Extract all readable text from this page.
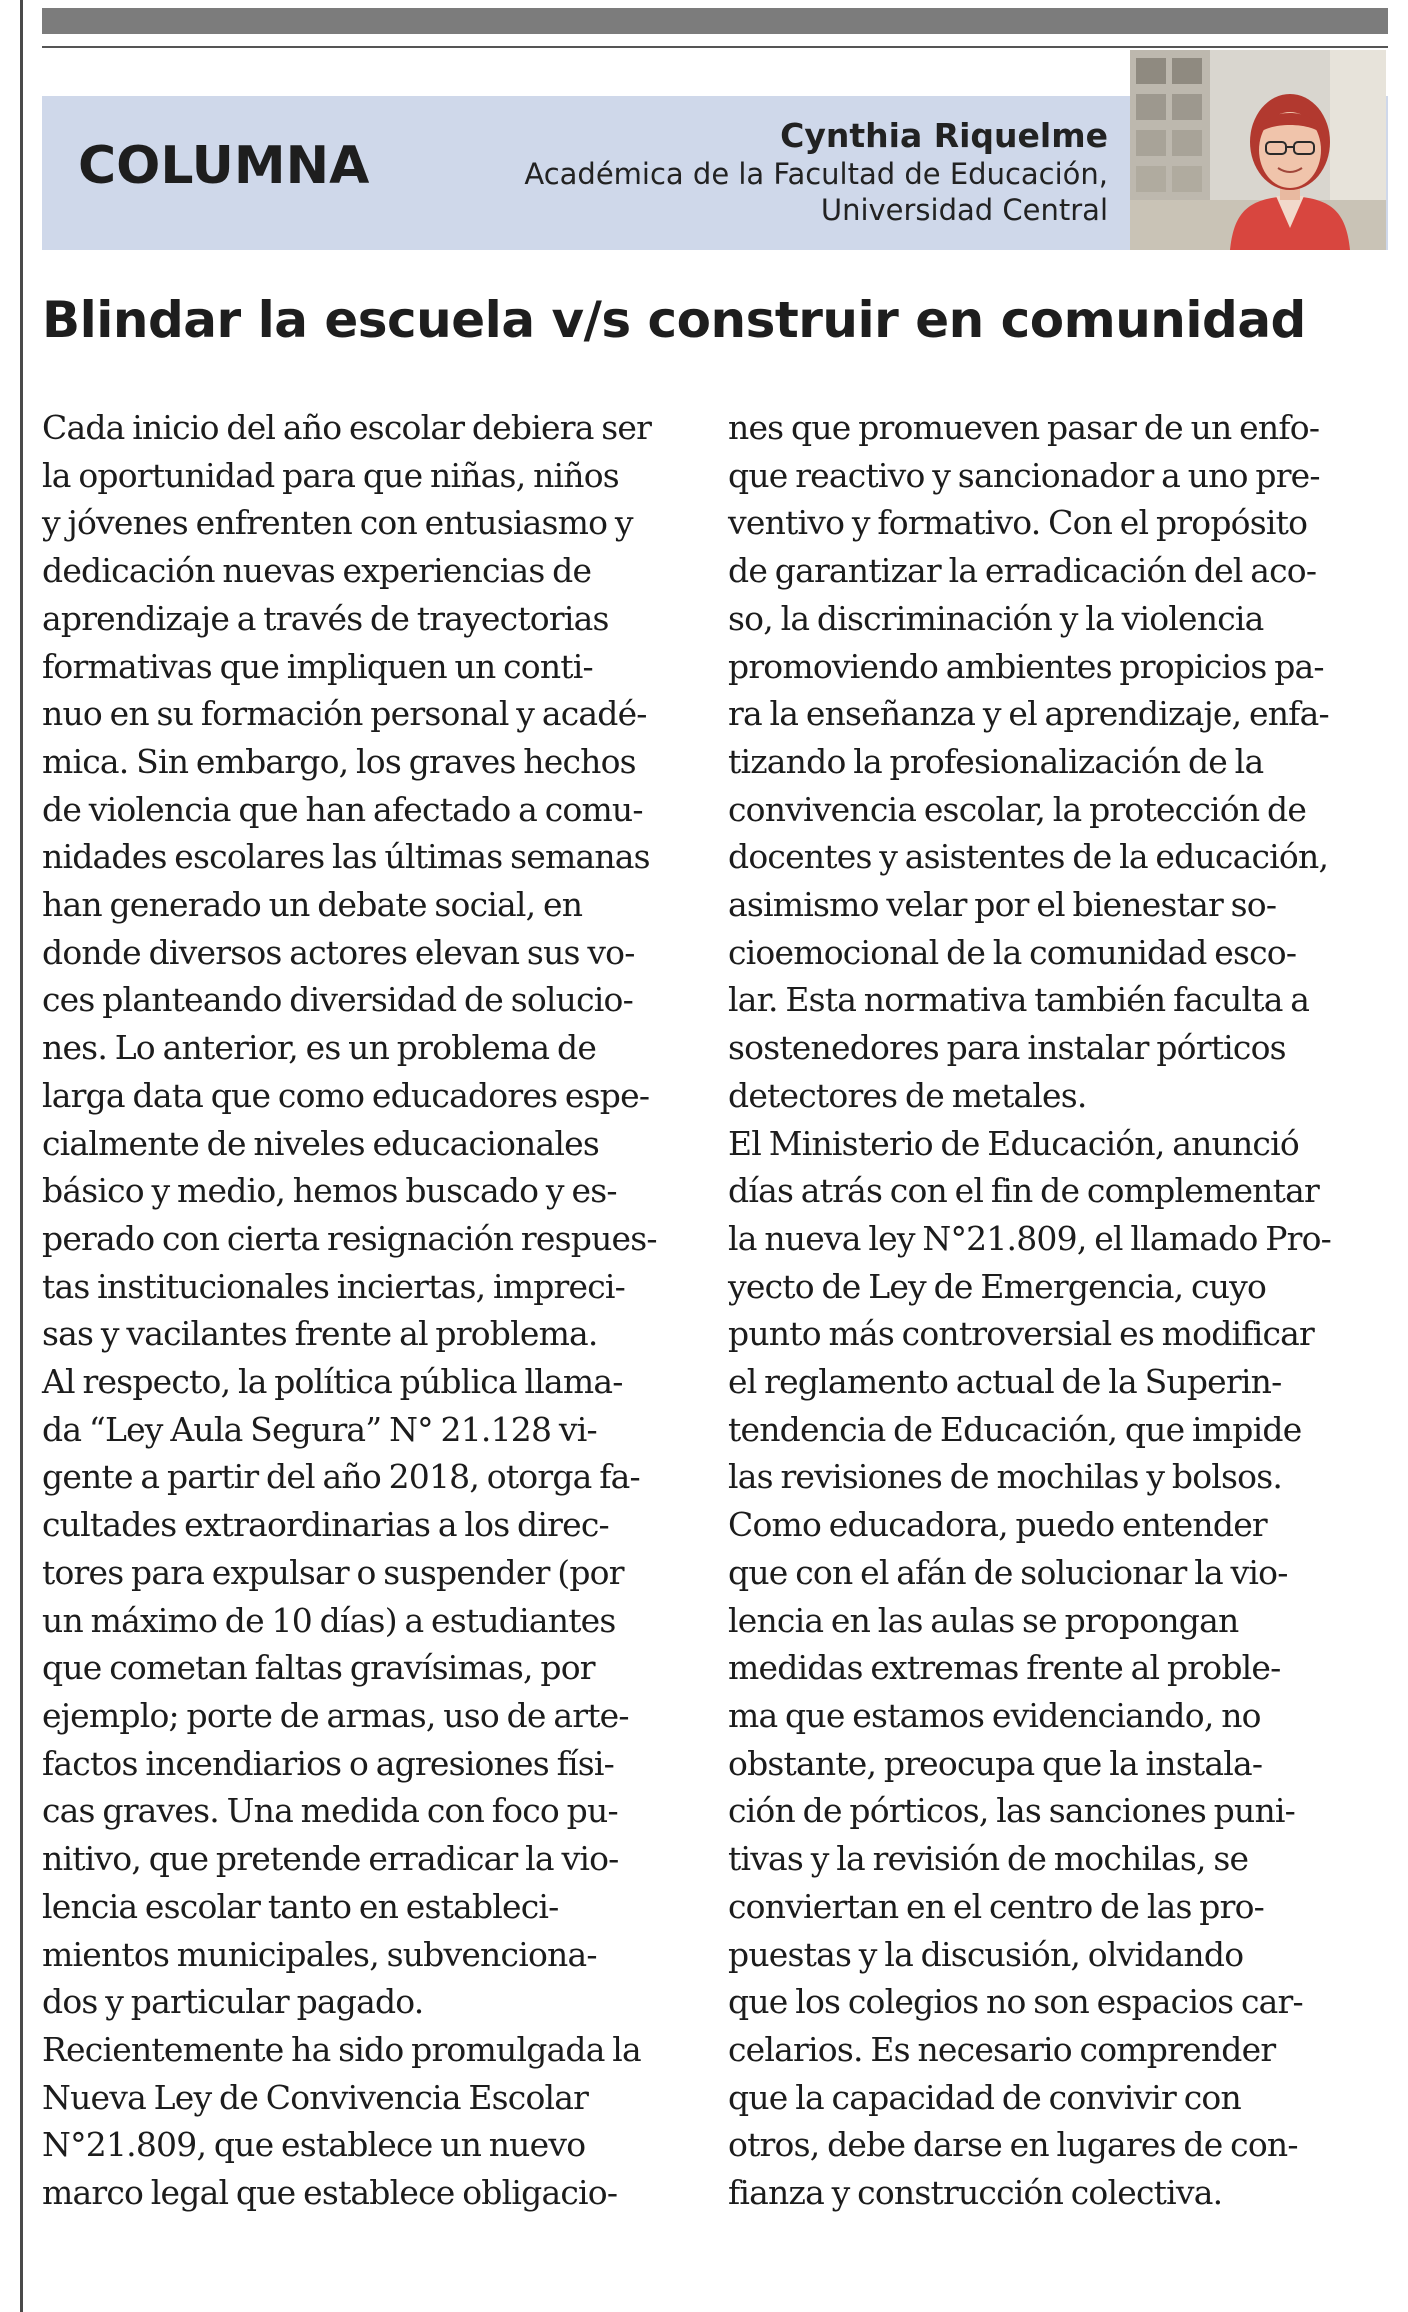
COLUMNA
Cynthia Riquelme
Académica de la Facultad de Educación,
Universidad Central
Blindar la escuela v/s construir en comunidad

Cada inicio del año escolar debiera ser

la oportunidad para que niñas, niños

y jóvenes enfrenten con entusiasmo y

dedicación nuevas experiencias de

aprendizaje a través de trayectorias

formativas que impliquen un conti-

nuo en su formación personal y acadé-

mica. Sin embargo, los graves hechos

de violencia que han afectado a comu-

nidades escolares las últimas semanas

han generado un debate social, en

donde diversos actores elevan sus vo-

ces planteando diversidad de solucio-

nes. Lo anterior, es un problema de

larga data que como educadores espe-

cialmente de niveles educacionales

básico y medio, hemos buscado y es-

perado con cierta resignación respues-

tas institucionales inciertas, impreci-

sas y vacilantes frente al problema.

Al respecto, la política pública llama-

da “Ley Aula Segura” N° 21.128 vi-

gente a partir del año 2018, otorga fa-

cultades extraordinarias a los direc-

tores para expulsar o suspender (por

un máximo de 10 días) a estudiantes

que cometan faltas gravísimas, por

ejemplo; porte de armas, uso de arte-

factos incendiarios o agresiones físi-

cas graves. Una medida con foco pu-

nitivo, que pretende erradicar la vio-

lencia escolar tanto en estableci-

mientos municipales, subvenciona-

dos y particular pagado.

Recientemente ha sido promulgada la

Nueva Ley de Convivencia Escolar

N°21.809, que establece un nuevo

marco legal que establece obligacio-

nes que promueven pasar de un enfo-

que reactivo y sancionador a uno pre-

ventivo y formativo. Con el propósito

de garantizar la erradicación del aco-

so, la discriminación y la violencia

promoviendo ambientes propicios pa-

ra la enseñanza y el aprendizaje, enfa-

tizando la profesionalización de la

convivencia escolar, la protección de

docentes y asistentes de la educación,

asimismo velar por el bienestar so-

cioemocional de la comunidad esco-

lar. Esta normativa también faculta a

sostenedores para instalar pórticos

detectores de metales.

El Ministerio de Educación, anunció

días atrás con el fin de complementar

la nueva ley N°21.809, el llamado Pro-

yecto de Ley de Emergencia, cuyo

punto más controversial es modificar

el reglamento actual de la Superin-

tendencia de Educación, que impide

las revisiones de mochilas y bolsos.

Como educadora, puedo entender

que con el afán de solucionar la vio-

lencia en las aulas se propongan

medidas extremas frente al proble-

ma que estamos evidenciando, no

obstante, preocupa que la instala-

ción de pórticos, las sanciones puni-

tivas y la revisión de mochilas, se

conviertan en el centro de las pro-

puestas y la discusión, olvidando

que los colegios no son espacios car-

celarios. Es necesario comprender

que la capacidad de convivir con

otros, debe darse en lugares de con-

fianza y construcción colectiva.
